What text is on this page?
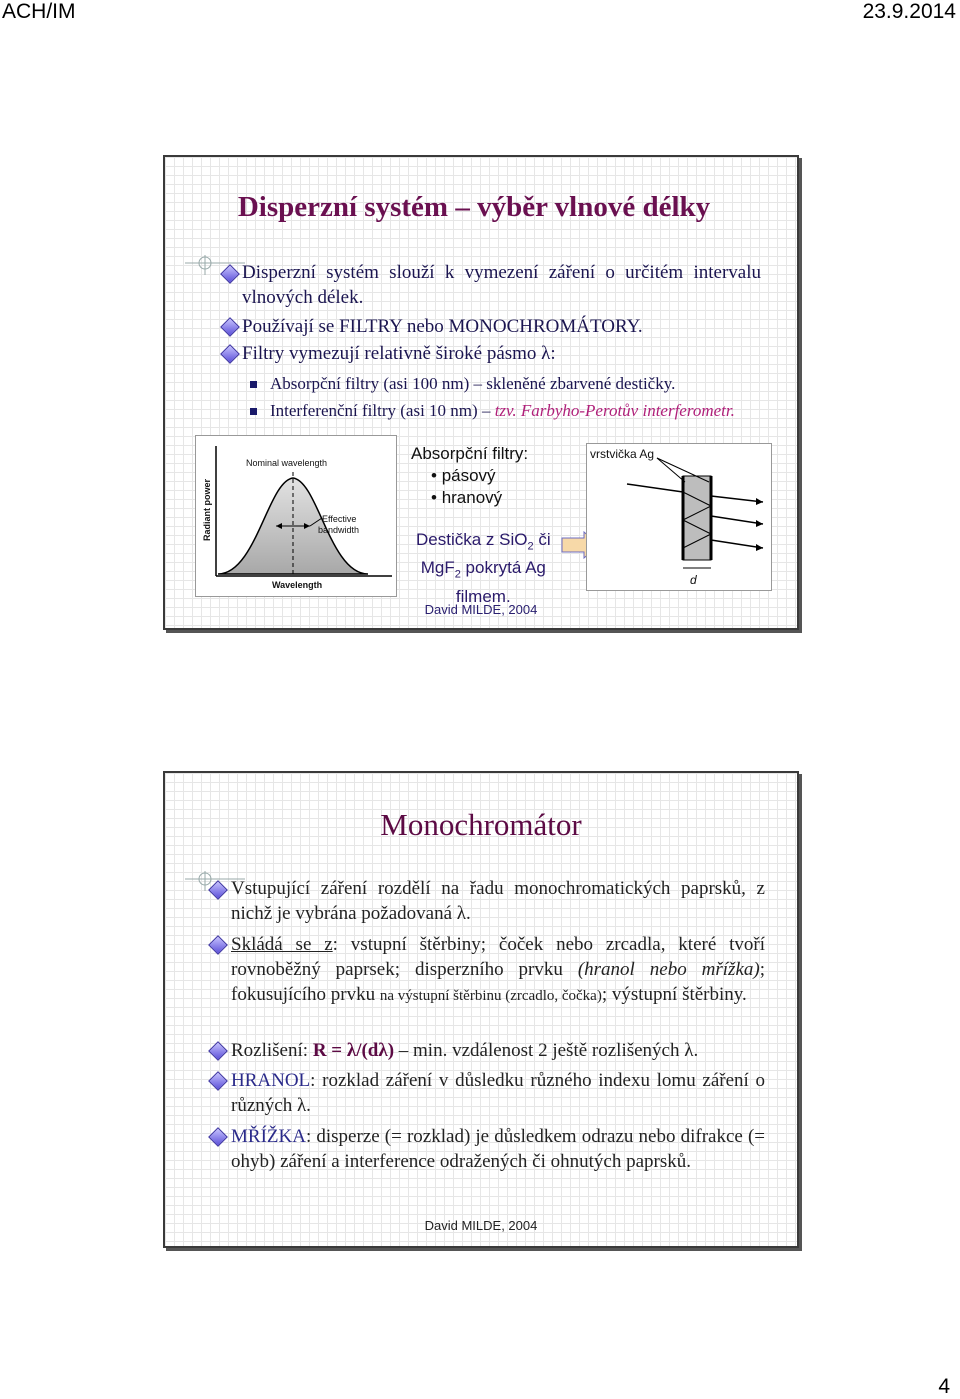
ACH/IM	23.9.2014
Disperzní systém – výběr vlnové délky
Disperzní systém slouží k vymezení záření o určitém intervalu vlnových délek.
Používají se FILTRY nebo MONOCHROMÁTORY.
Filtry vymezují relativně široké pásmo λ:
Absorpční filtry (asi 100 nm) – skleněné zbarvené destičky.
Interferenční filtry (asi 10 nm) – tzv. Farbyho-Perotův interferometr.
Radiant power
Wavelength
Nominal wavelength
Effective
bandwidth
Absorpční filtry:
• pásový
• hranový
Destička z SiO$_2$ či
MgF$_2$ pokrytá Ag
filmem.
vrstvička Ag
d
David MILDE, 2004
Monochromátor
Vstupující záření rozdělí na řadu monochromatických paprsků, z nichž je vybrána požadovaná λ.
Skládá se z: vstupní štěrbiny; čoček nebo zrcadla, které tvoří rovnoběžný paprsek; disperzního prvku (hranol nebo mřížka); fokusujícího prvku na výstupní štěrbinu (zrcadlo, čočka); výstupní štěrbiny.
Rozlišení: R = λ/(dλ) – min. vzdálenost 2 ještě rozlišených λ.
HRANOL: rozklad záření v důsledku různého indexu lomu záření o různých λ.
MŘÍŽKA: disperze (= rozklad) je důsledkem odrazu nebo difrakce (= ohyb) záření a interference odražených či ohnutých paprsků.
David MILDE, 2004
4
